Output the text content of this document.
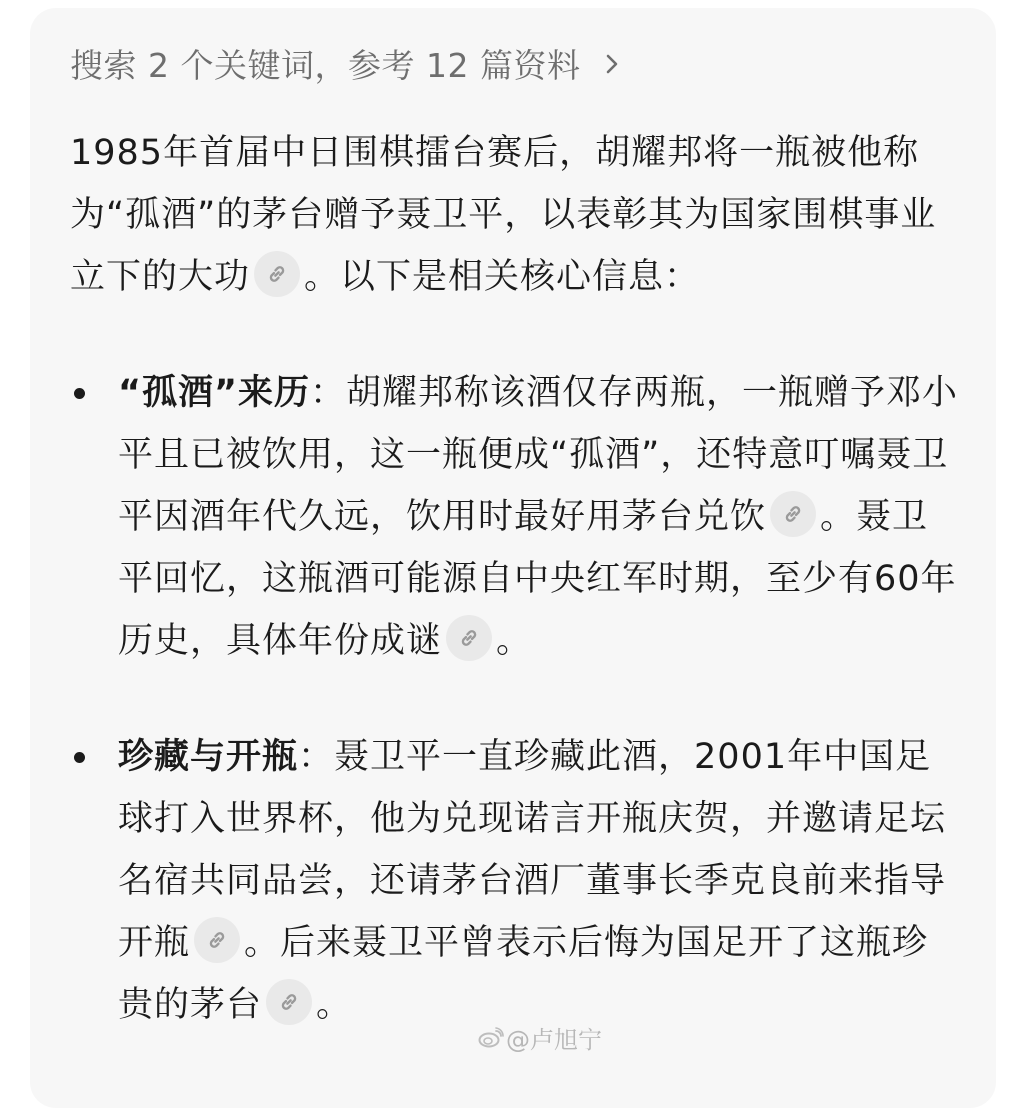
搜索 2 个关键词，参考 12 篇资料
1985年首届中日围棋擂台赛后，胡耀邦将一瓶被他称为“孤酒”的茅台赠予聂卫平，以表彰其为国家围棋事业立下的大功 。以下是相关核心信息：
“孤酒”来历：胡耀邦称该酒仅存两瓶，一瓶赠予邓小平且已被饮用，这一瓶便成“孤酒”，还特意叮嘱聂卫平因酒年代久远，饮用时最好用茅台兑饮 。聂卫平回忆，这瓶酒可能源自中央红军时期，至少有60年历史，具体年份成谜 。
珍藏与开瓶：聂卫平一直珍藏此酒，2001年中国足球打入世界杯，他为兑现诺言开瓶庆贺，并邀请足坛名宿共同品尝，还请茅台酒厂董事长季克良前来指导开瓶 。后来聂卫平曾表示后悔为国足开了这瓶珍贵的茅台 。
@卢旭宁
